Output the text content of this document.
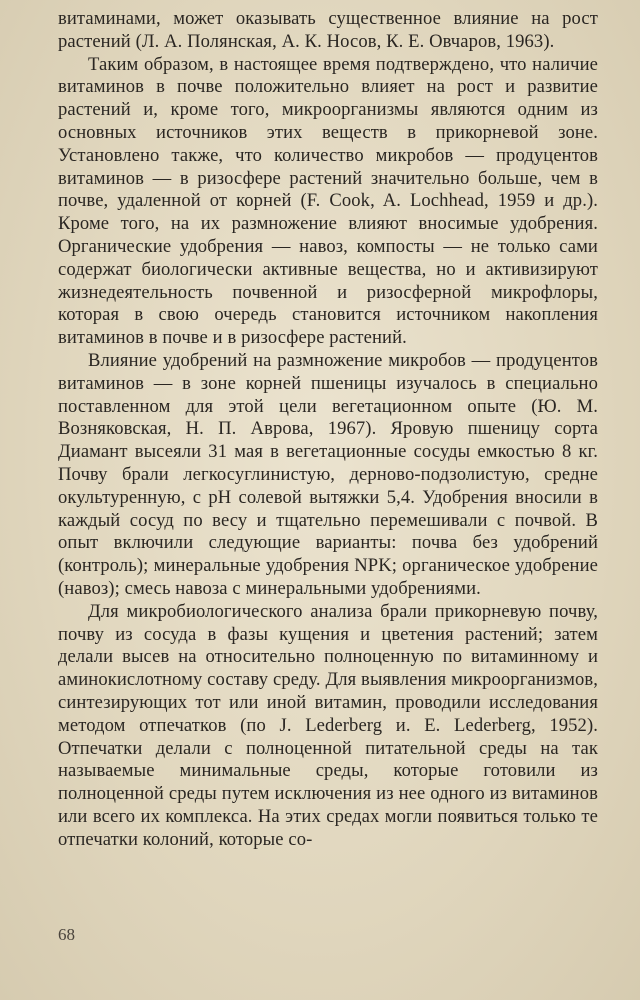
витаминами, может оказывать существенное влияние на рост растений (Л. А. Полянская, А. К. Носов, К. Е. Овчаров, 1963).

Таким образом, в настоящее время подтверждено, что наличие витаминов в почве положительно влияет на рост и развитие растений и, кроме того, микроорганизмы являются одним из основных источников этих веществ в прикорневой зоне. Установлено также, что количество микробов — продуцентов витаминов — в ризосфере растений значительно больше, чем в почве, удаленной от корней (F. Cook, A. Lochhead, 1959 и др.). Кроме того, на их размножение влияют вносимые удобрения. Органические удобрения — навоз, компосты — не только сами содержат биологически активные вещества, но и активизируют жизнедеятельность почвенной и ризосферной микрофлоры, которая в свою очередь становится источником накопления витаминов в почве и в ризосфере растений.

Влияние удобрений на размножение микробов — продуцентов витаминов — в зоне корней пшеницы изучалось в специально поставленном для этой цели вегетационном опыте (Ю. М. Возняковская, Н. П. Аврова, 1967). Яровую пшеницу сорта Диамант высеяли 31 мая в вегетационные сосуды емкостью 8 кг. Почву брали легкосуглинистую, дерново-подзолистую, средне окультуренную, с pH солевой вытяжки 5,4. Удобрения вносили в каждый сосуд по весу и тщательно перемешивали с почвой. В опыт включили следующие варианты: почва без удобрений (контроль); минеральные удобрения NPK; органическое удобрение (навоз); смесь навоза с минеральными удобрениями.

Для микробиологического анализа брали прикорневую почву, почву из сосуда в фазы кущения и цветения растений; затем делали высев на относительно полноценную по витаминному и аминокислотному составу среду. Для выявления микроорганизмов, синтезирующих тот или иной витамин, проводили исследования методом отпечатков (по J. Lederberg и. E. Lederberg, 1952). Отпечатки делали с полноценной питательной среды на так называемые минимальные среды, которые готовили из полноценной среды путем исключения из нее одного из витаминов или всего их комплекса. На этих средах могли появиться только те отпечатки колоний, которые со-

68
